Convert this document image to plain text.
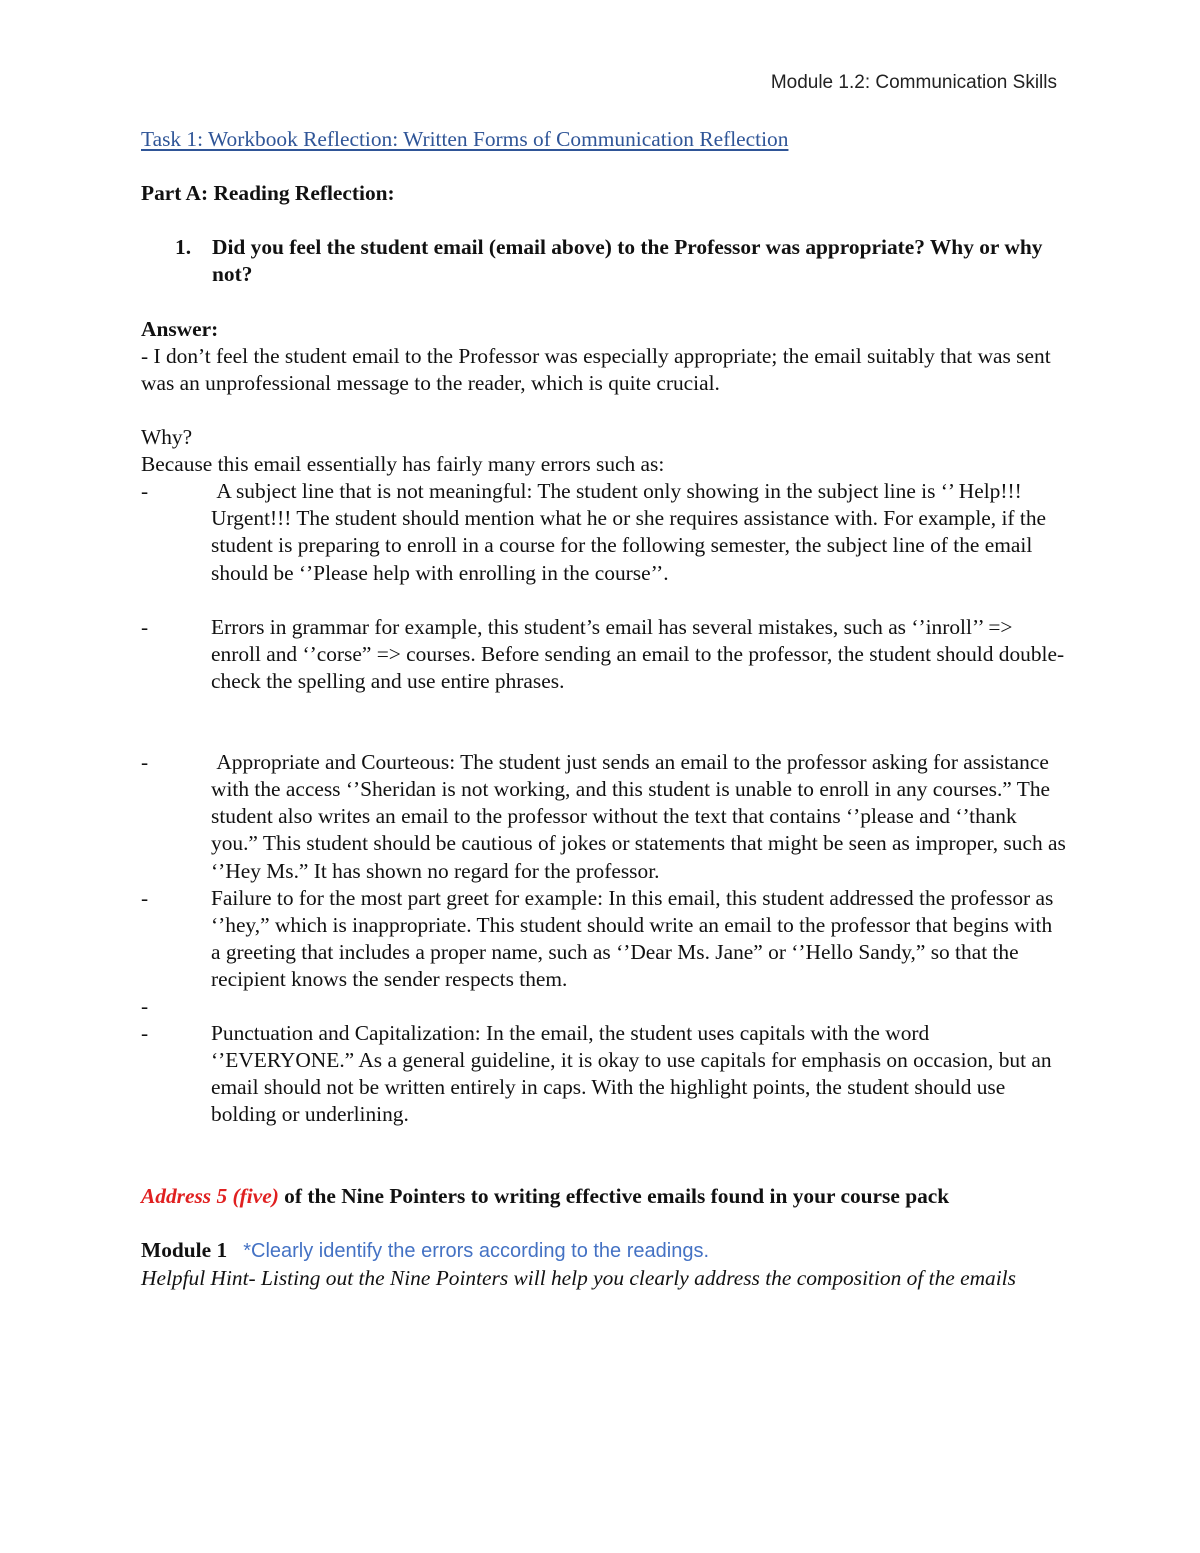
Module 1.2: Communication Skills

Task 1: Workbook Reflection: Written Forms of Communication Reflection

Part A: Reading Reflection:

1. Did you feel the student email (email above) to the Professor was appropriate? Why or why not?

Answer:

- I don’t feel the student email to the Professor was especially appropriate; the email suitably that was sent was an unprofessional message to the reader, which is quite crucial.

Why?

Because this email essentially has fairly many errors such as:

-	A subject line that is not meaningful: The student only showing in the subject line is ‘’ Help!!! Urgent!!! The student should mention what he or she requires assistance with. For example, if the student is preparing to enroll in a course for the following semester, the subject line of the email should be ‘’Please help with enrolling in the course’’.
-	Errors in grammar for example, this student’s email has several mistakes, such as ‘’inroll’’ => enroll and ‘’corse” => courses. Before sending an email to the professor, the student should double-check the spelling and use entire phrases.
-	Appropriate and Courteous: The student just sends an email to the professor asking for assistance with the access ‘’Sheridan is not working, and this student is unable to enroll in any courses.” The student also writes an email to the professor without the text that contains ‘’please and ‘’thank you.” This student should be cautious of jokes or statements that might be seen as improper, such as ‘’Hey Ms.” It has shown no regard for the professor.
-	Failure to for the most part greet for example: In this email, this student addressed the professor as ‘’hey,” which is inappropriate. This student should write an email to the professor that begins with a greeting that includes a proper name, such as ‘’Dear Ms. Jane” or ‘’Hello Sandy,” so that the recipient knows the sender respects them.
-
-	Punctuation and Capitalization: In the email, the student uses capitals with the word ‘’EVERYONE.” As a general guideline, it is okay to use capitals for emphasis on occasion, but an email should not be written entirely in caps. With the highlight points, the student should use bolding or underlining.

Address 5 (five) of the Nine Pointers to writing effective emails found in your course pack

Module 1 *Clearly identify the errors according to the readings.

Helpful Hint- Listing out the Nine Pointers will help you clearly address the composition of the emails
